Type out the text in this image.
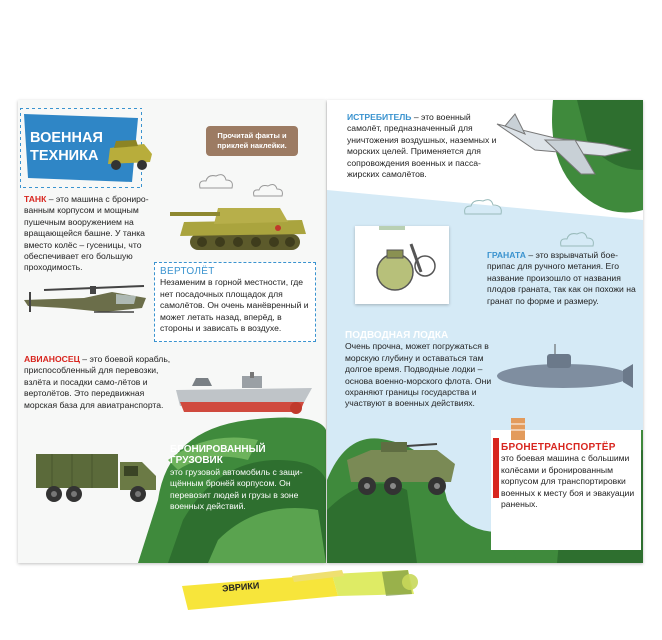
ВОЕННАЯ
ТЕХНИКА
Прочитай факты и приклей наклейки.
ТАНК – это машина с брониро-ванным корпусом и мощным пушечным вооружением на вращающейся башне. У танка вместо колёс – гусеницы, что обеспечивает его большую проходимость.	ВЕРТОЛЁТ
Незаменим в горной местности, где нет посадочных площадок для самолётов. Он очень манёвренный и может летать назад, вперёд, в стороны и зависать в воздухе.
АВИАНОСЕЦ – это боевой корабль, приспособленный для перевозки, взлёта и посадки само-лётов и вертолётов. Это передвижная морская база для авиатранспорта.
БРОНИРОВАННЫЙ ГРУЗОВИК
это грузовой автомобиль с защи-щённым бронёй корпусом. Он перевозит людей и грузы в зоне военных действий.
ИСТРЕБИТЕЛЬ – это военный самолёт, предназначенный для уничтожения воздушных, наземных и морских целей. Применяется для сопровождения военных и пасса-жирских самолётов.
ГРАНАТА – это взрывчатый бое-припас для ручного метания. Его название произошло от названия плодов граната, так как он похожи на гранат по форме и размеру.
ПОДВОДНАЯ ЛОДКА
Очень прочна, может погружаться в морскую глубину и оставаться там долгое время. Подводные лодки – основа военно-морского флота. Они охраняют границы государства и участвуют в военных действиях.
БРОНЕТРАНСПОРТЁР
это боевая машина с большими колёсами и бронированным корпусом для транспортировки военных к месту боя и эвакуации раненых.
ЭВРИКИ
